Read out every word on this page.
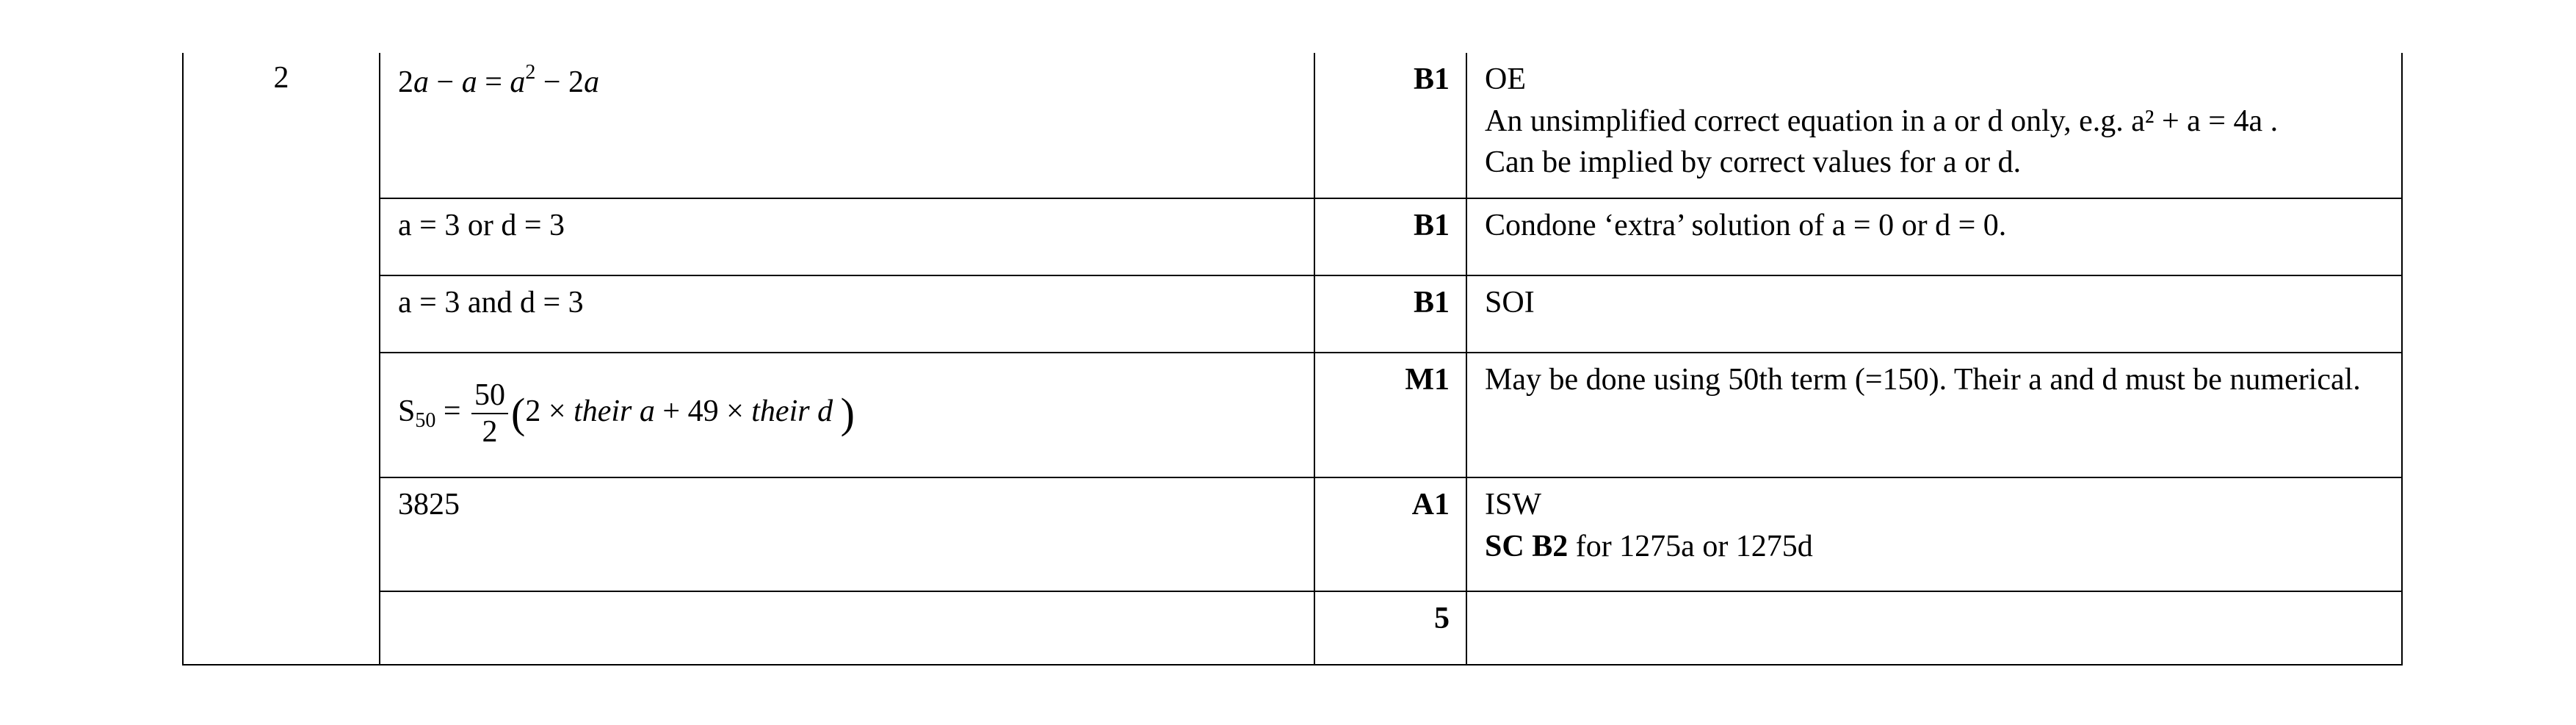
2	$2a - a = a^2 - 2a$	B1	OE
An unsimplified correct equation in a or d only, e.g. a² + a = 4a .
Can be implied by correct values for a or d.

	a = 3 or d = 3	B1	Condone ‘extra’ solution of a = 0 or d = 0.
	a = 3 and d = 3	B1	SOI
	$S_{50} = \frac{50}{2} (2$ × their a + 49 × their d )	M1	May be done using 50th term (=150). Their a and d must be numerical.
	3825	A1	ISW
SC B2 for 1275a or 1275d

		5	
